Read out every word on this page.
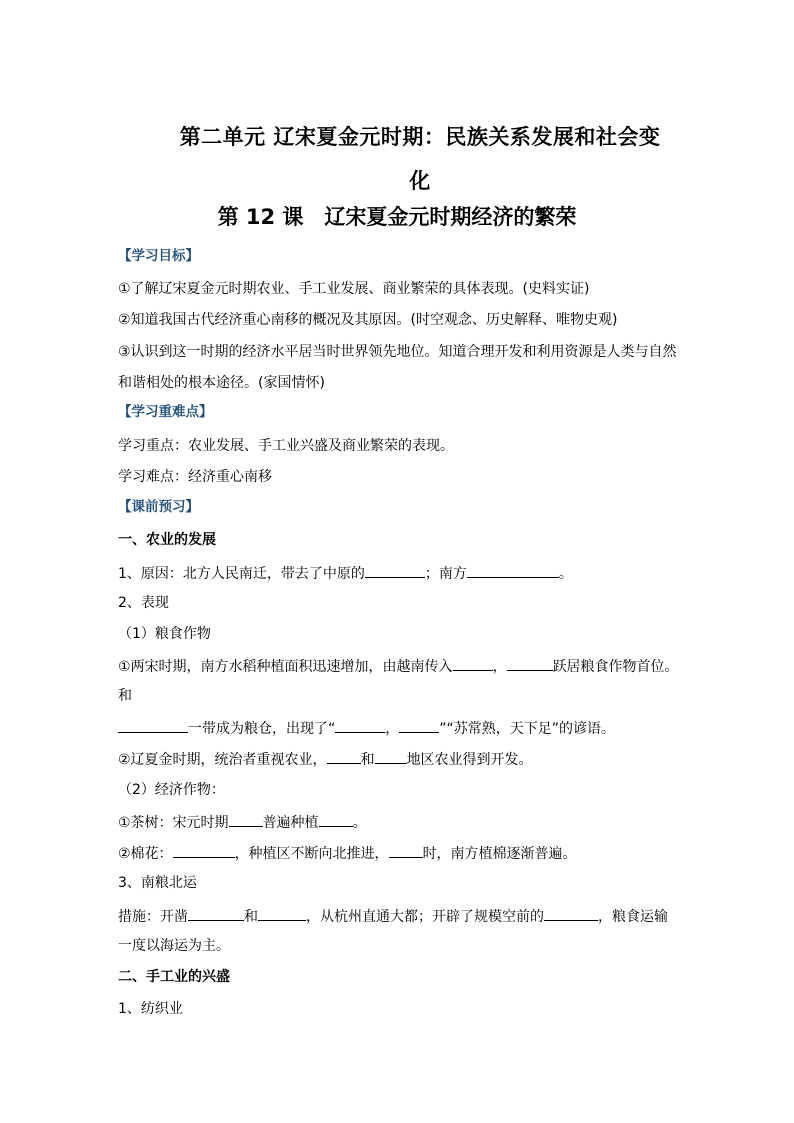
第二单元 辽宋夏金元时期：民族关系发展和社会变
化
第 12 课　辽宋夏金元时期经济的繁荣
【学习目标】
①了解辽宋夏金元时期农业、手工业发展、商业繁荣的具体表现。(史料实证)
②知道我国古代经济重心南移的概况及其原因。(时空观念、历史解释、唯物史观)
③认识到这一时期的经济水平居当时世界领先地位。知道合理开发和利用资源是人类与自然
和谐相处的根本途径。(家国情怀)
【学习重难点】
学习重点：农业发展、手工业兴盛及商业繁荣的表现。
学习难点：经济重心南移
【课前预习】
一、农业的发展
1、原因：北方人民南迁，带去了中原的	；南方	。
2、表现
（1）粮食作物
①两宋时期，南方水稻种植面积迅速增加，由越南传入	，	跃居粮食作物首位。
和
一带成为粮仓，出现了“	，	”“苏常熟，天下足”的谚语。
②辽夏金时期，统治者重视农业， 和 地区农业得到开发。
（2）经济作物：
①茶树：宋元时期 普遍种植 。
②棉花：	，种植区不断向北推进， 时，南方植棉逐渐普遍。
3、南粮北运
措施：开凿	和	，从杭州直通大都；开辟了规模空前的	，粮食运输
一度以海运为主。
二、手工业的兴盛
1、纺织业
